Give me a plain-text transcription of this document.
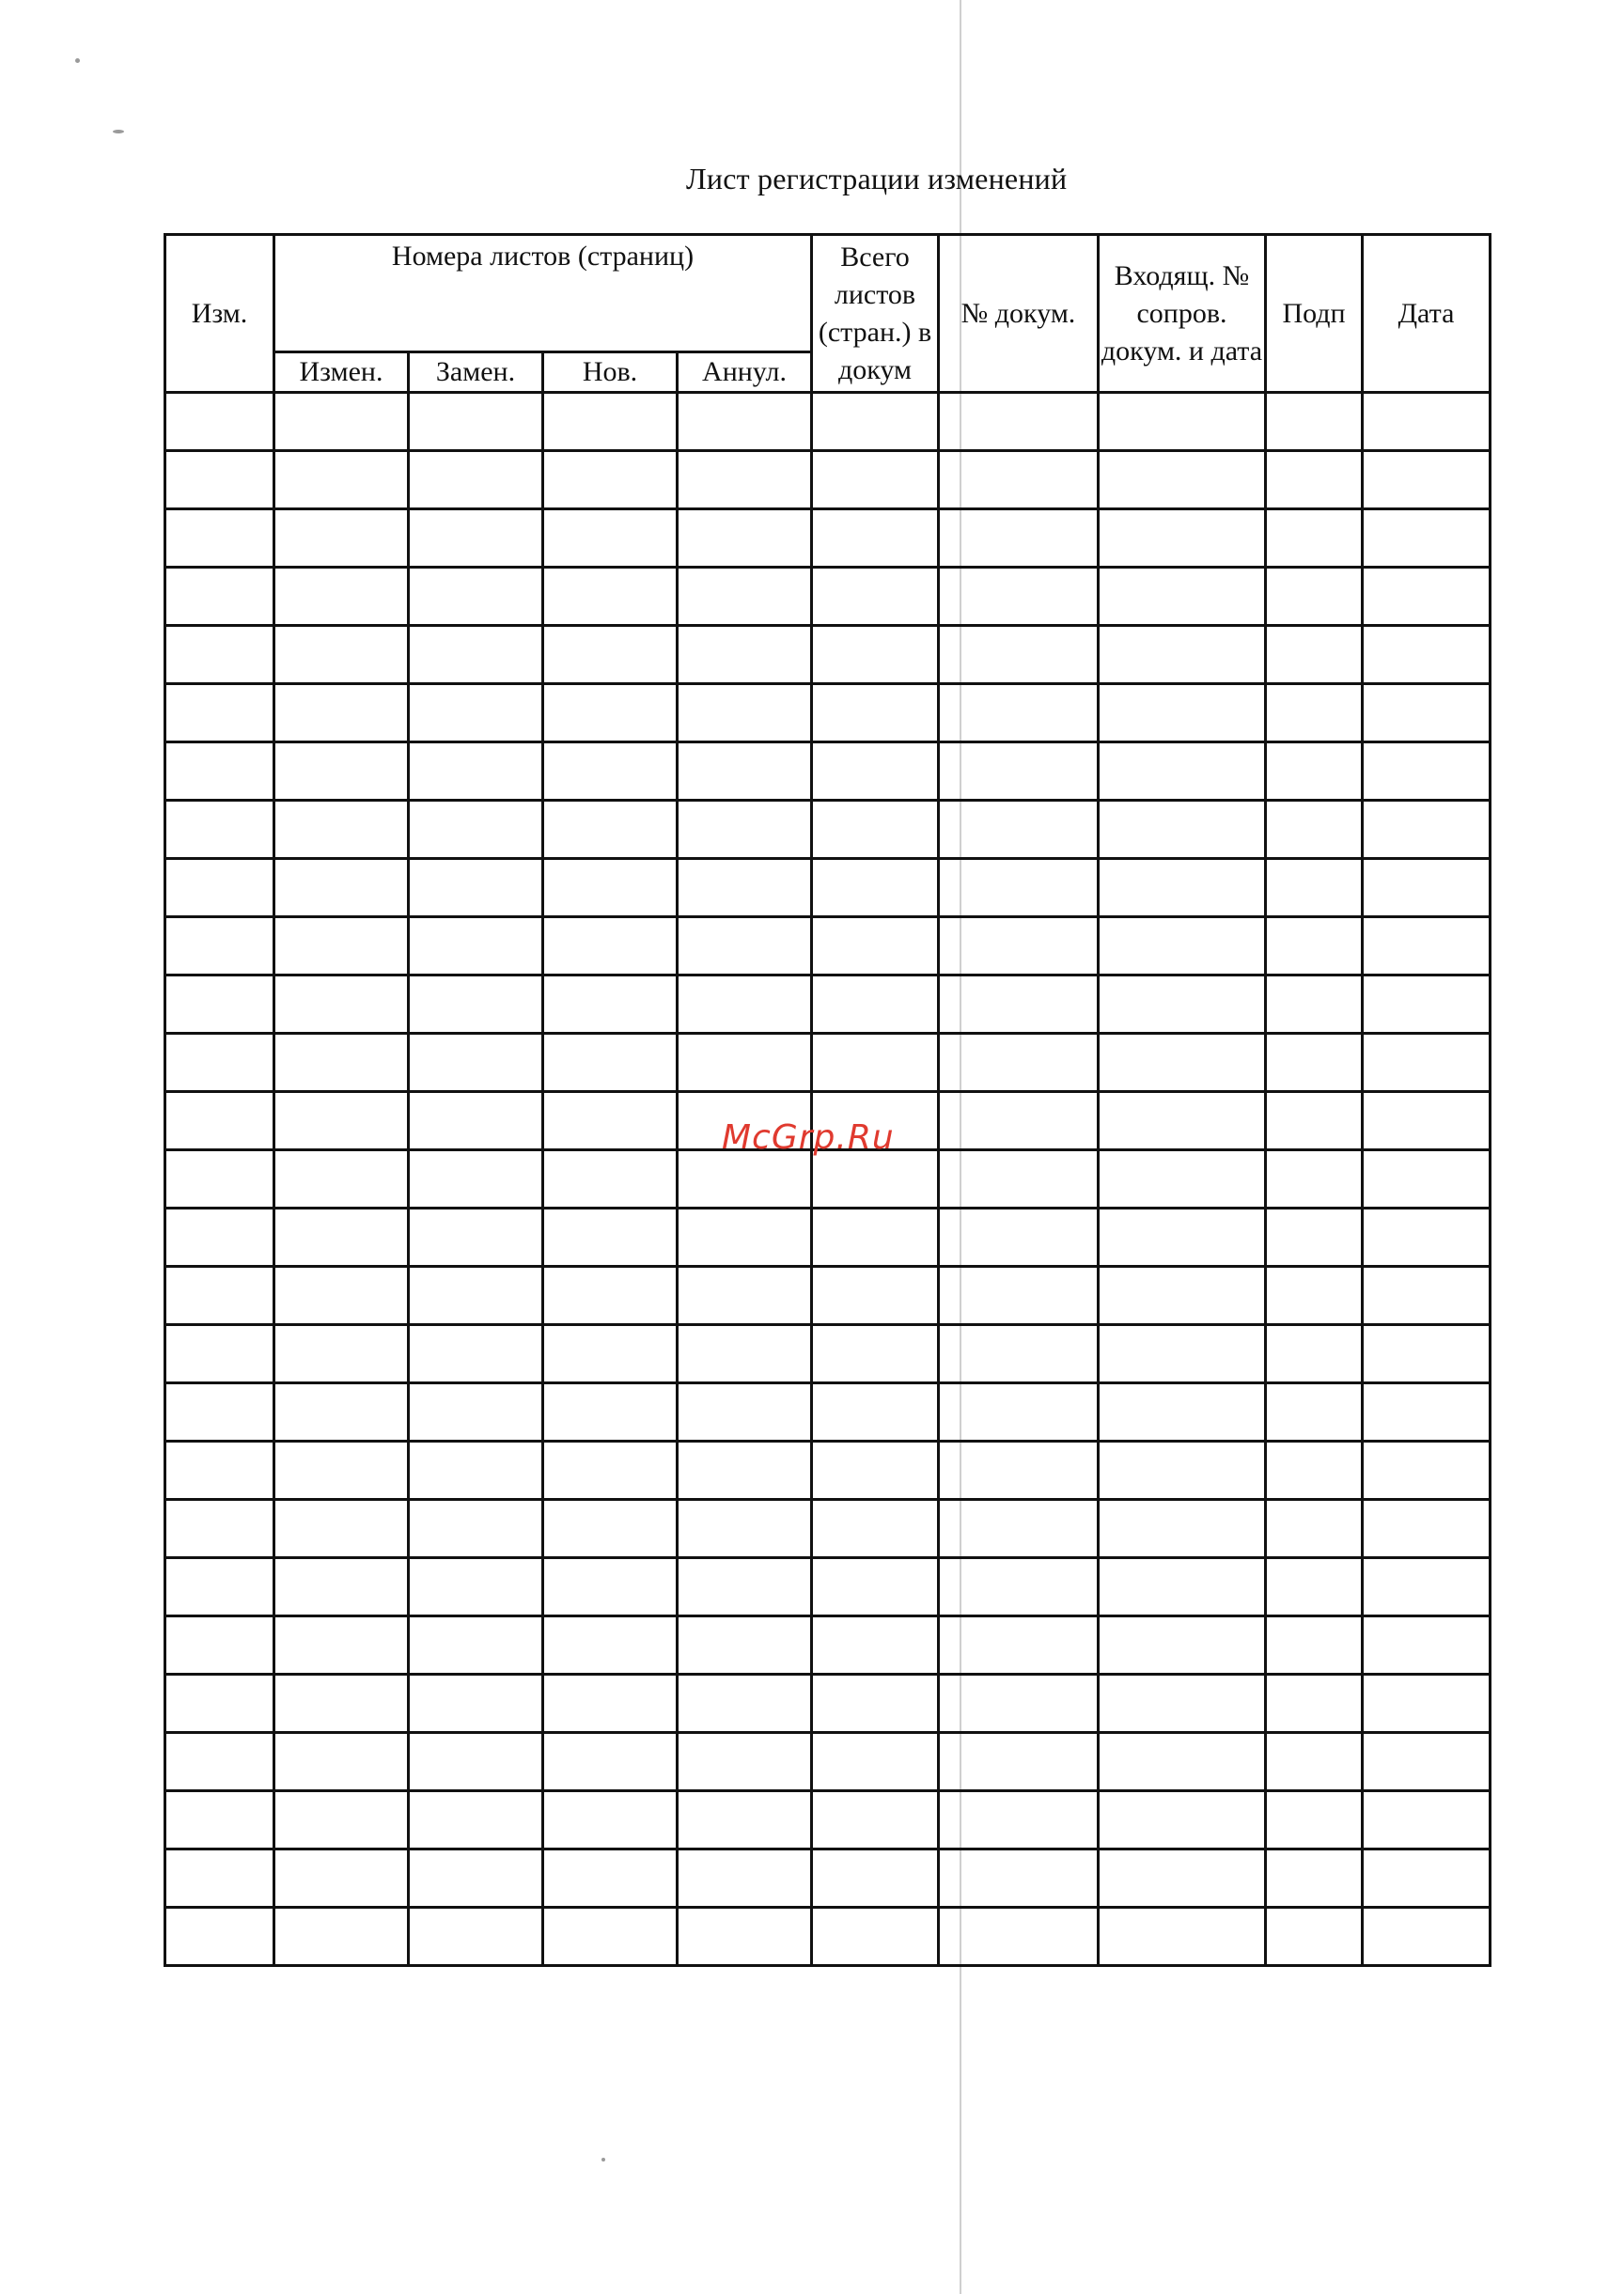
Лист регистрации изменений
Изм.	Номера листов (страниц)				Всего листов (стран.) в докум	№ докум.	Входящ. № сопров. докум. и дата	Подп	Дата
	Измен.	Замен.	Нов.	Аннул.					

McGrp.Ru
